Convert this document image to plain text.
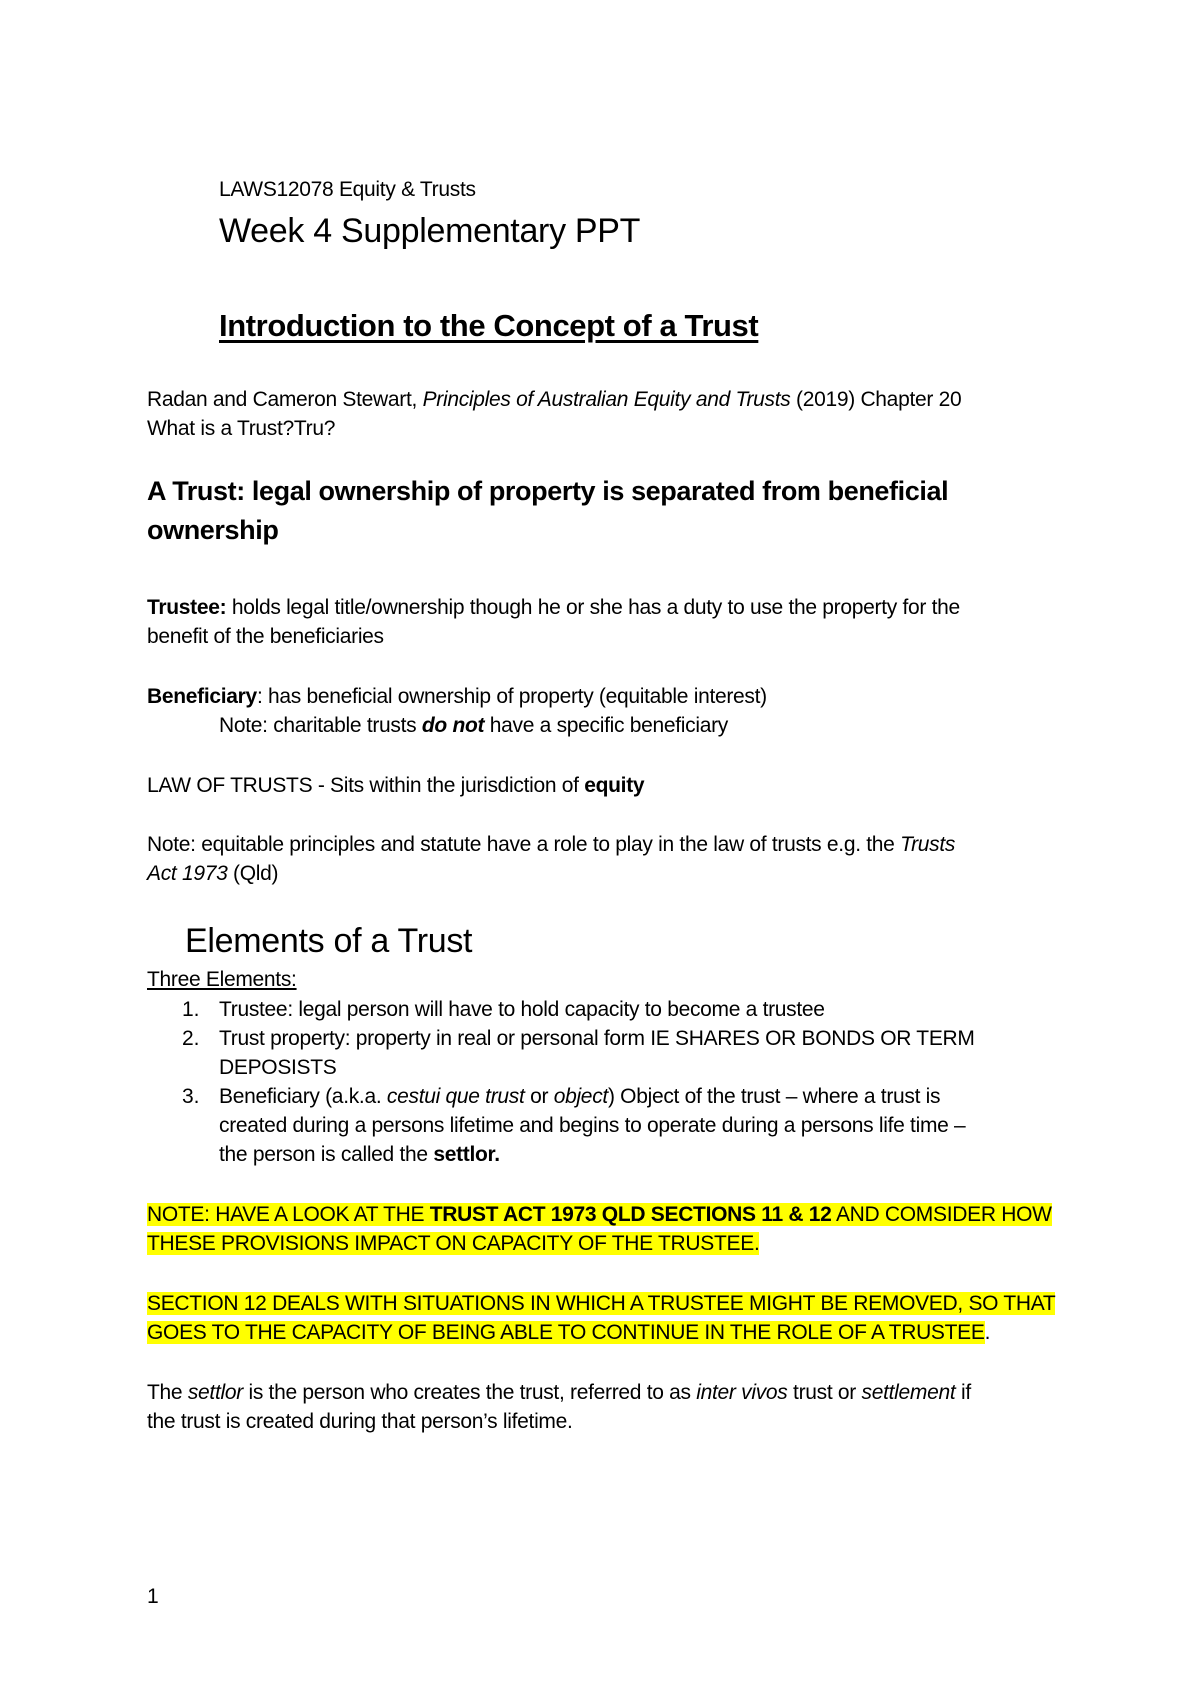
LAWS12078 Equity & Trusts
Week 4 Supplementary PPT
Introduction to the Concept of a Trust
Radan and Cameron Stewart, Principles of Australian Equity and Trusts (2019) Chapter 20
What is a Trust?Tru?
A Trust: legal ownership of property is separated from beneficial
ownership
Trustee: holds legal title/ownership though he or she has a duty to use the property for the
benefit of the beneficiaries
Beneficiary: has beneficial ownership of property (equitable interest)
Note: charitable trusts do not have a specific beneficiary
LAW OF TRUSTS - Sits within the jurisdiction of equity
Note: equitable principles and statute have a role to play in the law of trusts e.g. the Trusts
Act 1973 (Qld)
Elements of a Trust
Three Elements:
1. Trustee: legal person will have to hold capacity to become a trustee
2. Trust property: property in real or personal form IE SHARES OR BONDS OR TERM
DEPOSISTS
3. Beneficiary (a.k.a. cestui que trust or object) Object of the trust – where a trust is
created during a persons lifetime and begins to operate during a persons life time –
the person is called the settlor.
NOTE: HAVE A LOOK AT THE TRUST ACT 1973 QLD SECTIONS 11 & 12 AND COMSIDER HOW
THESE PROVISIONS IMPACT ON CAPACITY OF THE TRUSTEE.
SECTION 12 DEALS WITH SITUATIONS IN WHICH A TRUSTEE MIGHT BE REMOVED, SO THAT
GOES TO THE CAPACITY OF BEING ABLE TO CONTINUE IN THE ROLE OF A TRUSTEE.
The settlor is the person who creates the trust, referred to as inter vivos trust or settlement if
the trust is created during that person’s lifetime.
1
